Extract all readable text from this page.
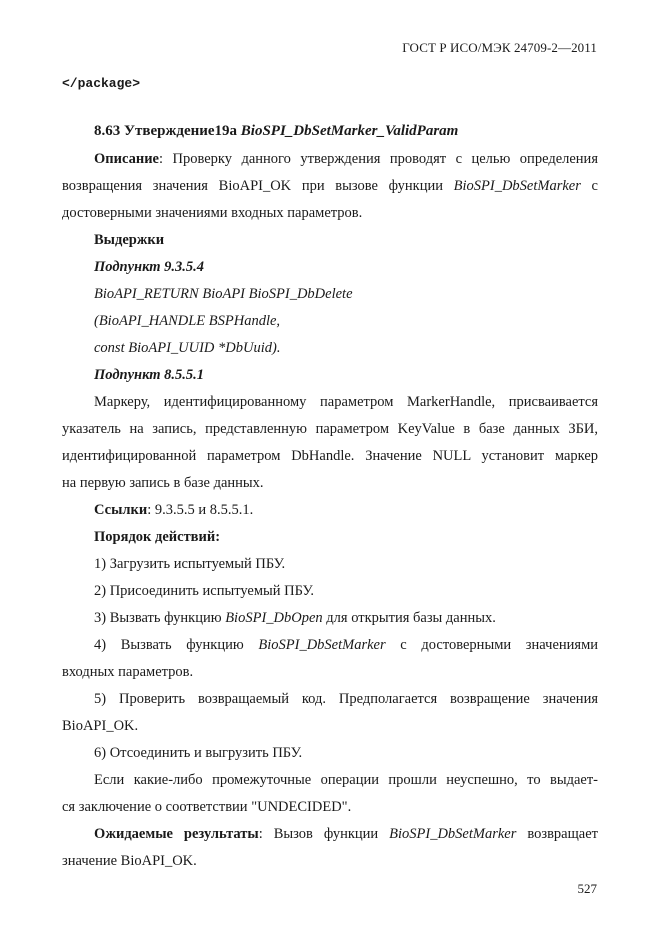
ГОСТ Р ИСО/МЭК 24709-2—2011
</package>
8.63 Утверждение19а BioSPI_DbSetMarker_ValidParam
Описание: Проверку данного утверждения проводят с целью определения
возвращения значения BioAPI_OK при вызове функции BioSPI_DbSetMarker с
достоверными значениями входных параметров.
Выдержки
Подпункт 9.3.5.4
BioAPI_RETURN BioAPI BioSPI_DbDelete
(BioAPI_HANDLE BSPHandle,
const BioAPI_UUID *DbUuid).
Подпункт 8.5.5.1
Маркеру, идентифицированному параметром MarkerHandle, присваивается
указатель на запись, представленную параметром KeyValue в базе данных ЗБИ,
идентифицированной параметром DbHandle. Значение NULL установит маркер
на первую запись в базе данных.
Ссылки: 9.3.5.5 и 8.5.5.1.
Порядок действий:
1) Загрузить испытуемый ПБУ.
2) Присоединить испытуемый ПБУ.
3) Вызвать функцию BioSPI_DbOpen для открытия базы данных.
4) Вызвать функцию BioSPI_DbSetMarker с достоверными значениями
входных параметров.
5) Проверить возвращаемый код. Предполагается возвращение значения
BioAPI_OK.
6) Отсоединить и выгрузить ПБУ.
Если какие-либо промежуточные операции прошли неуспешно, то выдает-
ся заключение о соответствии "UNDECIDED".
Ожидаемые результаты: Вызов функции BioSPI_DbSetMarker возвращает
значение BioAPI_OK.
527
